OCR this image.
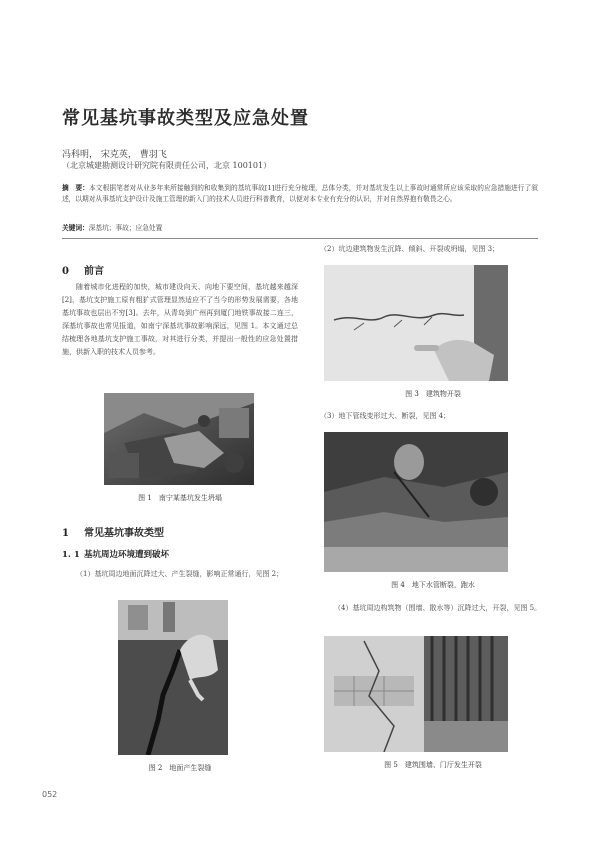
常见基坑事故类型及应急处置
冯科明， 宋克英， 曹羽飞
（北京城建勘测设计研究院有限责任公司，北京 100101）
摘　要：本文根据笔者对从业多年来所接触到的和收集到的基坑事故[1]进行充分梳理，总体分类，并对基坑发生以上事故时通常所应该采取的应急措施进行了叙述，以期对从事基坑支护设计及施工管理的新入门的技术人员进行科普教育，以便对本专业有充分的认识，并对自然界抱有敬畏之心。
关键词：深基坑；事故；应急处置
0 前言
随着城市化进程的加快，城市建设向天、向地下要空间，基坑越来越深[2]，基坑支护施工原有粗犷式管理显然适应不了当今的形势发展需要，各地基坑事故也层出不穷[3]。去年，从青岛到广州再到厦门地铁事故接二连三，深基坑事故也常见报道，如南宁深基坑事故影响深远，见图 1。本文通过总结梳理各地基坑支护施工事故，对其进行分类，并提出一般性的应急处置措施，供新入职的技术人员参考。
图 1　南宁某基坑发生坍塌
1 常见基坑事故类型
1. 1 基坑周边环境遭到破坏
（1）基坑周边地面沉降过大、产生裂缝，影响正常通行，见图 2；
图 2　地面产生裂缝
（2）坑边建筑物发生沉降、倾斜、开裂或坍塌，见图 3；
图 3　建筑物开裂
（3）地下管线变形过大、断裂，见图 4；
图 4　地下水管断裂，跑水
（4）基坑周边构筑物（围墙、散水等）沉降过大，开裂，见图 5。
图 5　建筑围墙、门厅发生开裂
052
